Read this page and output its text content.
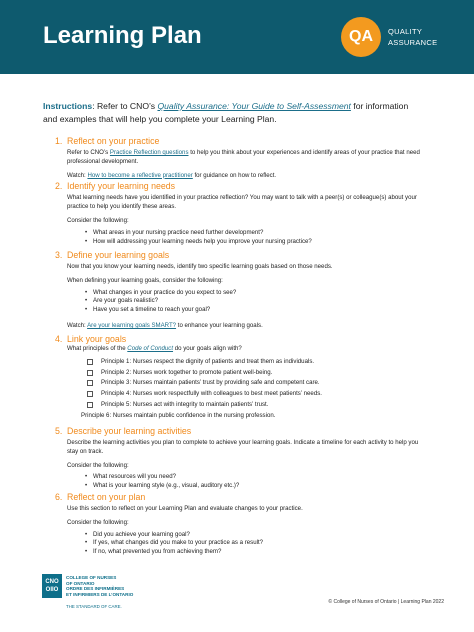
Learning Plan	QA	QUALITY
ASSURANCE
Instructions: Refer to CNO’s Quality Assurance: Your Guide to Self-Assessment for information and examples that will help you complete your Learning Plan.
1. Reflect on your practice

Refer to CNO’s Practice Reflection questions to help you think about your experiences and identify areas of your practice that need professional development.

Watch: How to become a reflective practitioner for guidance on how to reflect.

2. Identify your learning needs

What learning needs have you identified in your practice reflection? You may want to talk with a peer(s) or colleague(s) about your practice to help you identify these areas.

Consider the following:

• What areas in your nursing practice need further development?
• How will addressing your learning needs help you improve your nursing practice?
3. Define your learning goals

Now that you know your learning needs, identify two specific learning goals based on those needs.

When defining your learning goals, consider the following:

• What changes in your practice do you expect to see?
• Are your goals realistic?
• Have you set a timeline to reach your goal?

Watch: Are your learning goals SMART? to enhance your learning goals.

4. Link your goals

What principles of the Code of Conduct do your goals align with?

Principle 1: Nurses respect the dignity of patients and treat them as individuals.
Principle 2: Nurses work together to promote patient well-being.
Principle 3: Nurses maintain patients’ trust by providing safe and competent care.
Principle 4: Nurses work respectfully with colleagues to best meet patients’ needs.
Principle 5: Nurses act with integrity to maintain patients’ trust.
Principle 6: Nurses maintain public confidence in the nursing profession.
5. Describe your learning activities

Describe the learning activities you plan to complete to achieve your learning goals. Indicate a timeline for each activity to help you stay on track.

Consider the following:

• What resources will you need?
• What is your learning style (e.g., visual, auditory etc.)?
6. Reflect on your plan

Use this section to reflect on your Learning Plan and evaluate changes to your practice.

Consider the following:

• Did you achieve your learning goal?
• If yes, what changes did you make to your practice as a result?
• If no, what prevented you from achieving them?
CNO
OIIO
COLLEGE OF NURSES
OF ONTARIO
ORDRE DES INFIRMIÈRES
ET INFIRMIERS DE L’ONTARIO
THE STANDARD OF CARE.
© College of Nurses of Ontario | Learning Plan 2022
